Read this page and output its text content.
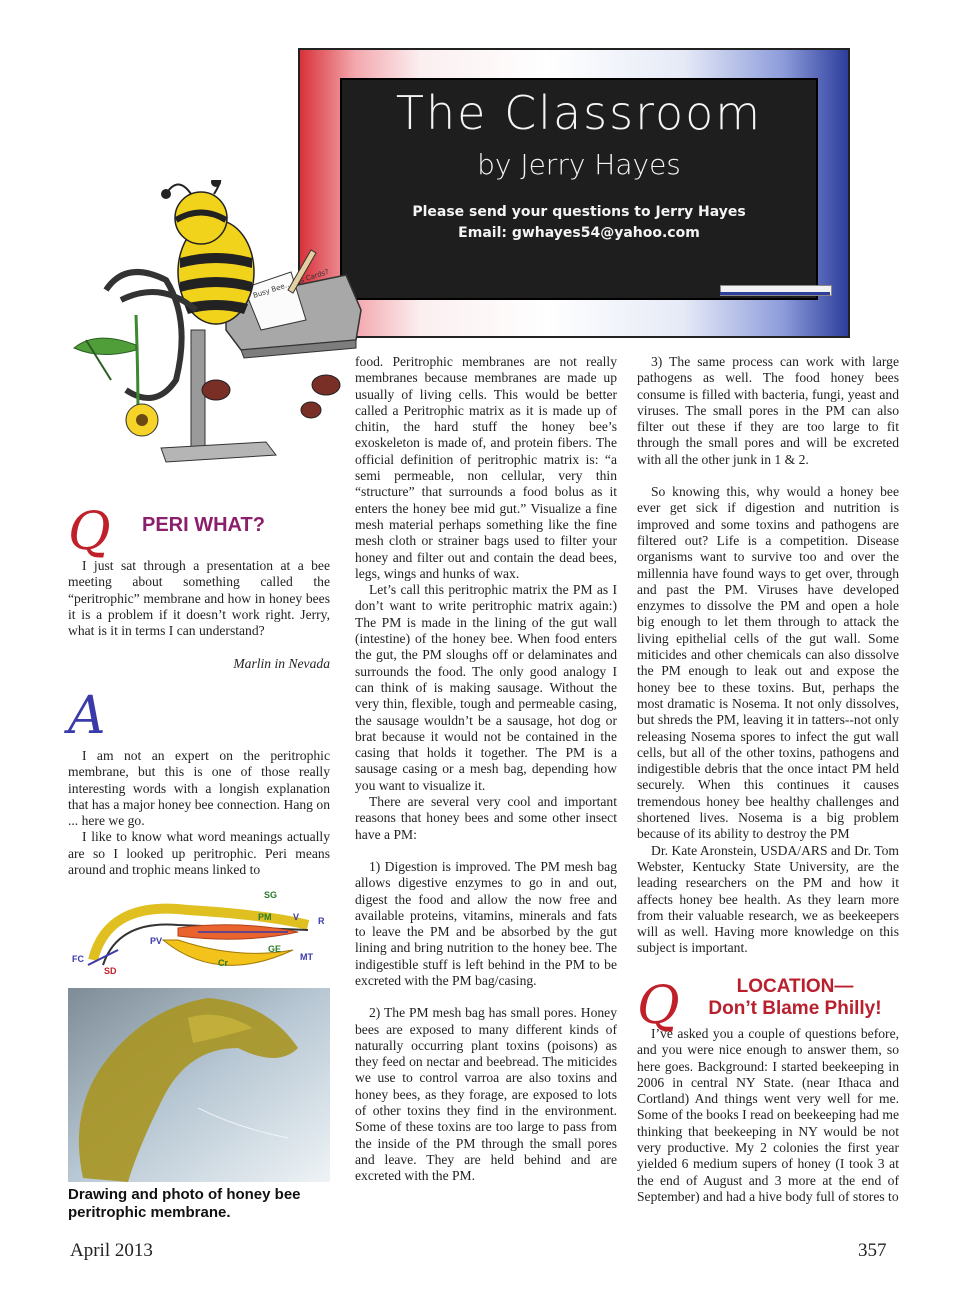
The Classroom
by Jerry Hayes
Please send your questions to Jerry Hayes
Email: gwhayes54@yahoo.com
Busy Bee… Cards?
Q PERI WHAT?

I just sat through a presentation at a bee meeting about something called the “peritrophic” membrane and how in honey bees it is a problem if it doesn’t work right. Jerry, what is it in terms I can understand?

Marlin in Nevada
A

I am not an expert on the peritrophic membrane, but this is one of those really interesting words with a longish explanation that has a major honey bee connection. Hang on ... here we go.

I like to know what word meanings actually are so I looked up peritrophic. Peri means around and trophic means linked to

SG
PM V R
FC
PV
GE
MT
SD
Cr
Drawing and photo of honey bee peritrophic membrane.

food. Peritrophic membranes are not really membranes because membranes are made up usually of living cells. This would be better called a Peritrophic matrix as it is made up of chitin, the hard stuff the honey bee’s exoskeleton is made of, and protein fibers. The official definition of peritrophic matrix is: “a semi permeable, non cellular, very thin “structure” that surrounds a food bolus as it enters the honey bee mid gut.” Visualize a fine mesh material perhaps something like the fine mesh cloth or strainer bags used to filter your honey and filter out and contain the dead bees, legs, wings and hunks of wax.

Let’s call this peritrophic matrix the PM as I don’t want to write peritrophic matrix again:) The PM is made in the lining of the gut wall (intestine) of the honey bee. When food enters the gut, the PM sloughs off or delaminates and surrounds the food. The only good analogy I can think of is making sausage. Without the very thin, flexible, tough and permeable casing, the sausage wouldn’t be a sausage, hot dog or brat because it would not be contained in the casing that holds it together. The PM is a sausage casing or a mesh bag, depending how you want to visualize it.

There are several very cool and important reasons that honey bees and some other insect have a PM:

1) Digestion is improved. The PM mesh bag allows digestive enzymes to go in and out, digest the food and allow the now free and available proteins, vitamins, minerals and fats to leave the PM and be absorbed by the gut lining and bring nutrition to the honey bee. The indigestible stuff is left behind in the PM to be excreted with the PM bag/casing.

2) The PM mesh bag has small pores. Honey bees are exposed to many different kinds of naturally occurring plant toxins (poisons) as they feed on nectar and beebread. The miticides we use to control varroa are also toxins and honey bees, as they forage, are exposed to lots of other toxins they find in the environment. Some of these toxins are too large to pass from the inside of the PM through the small pores and leave. They are held behind and are excreted with the PM.

3) The same process can work with large pathogens as well. The food honey bees consume is filled with bacteria, fungi, yeast and viruses. The small pores in the PM can also filter out these if they are too large to fit through the small pores and will be excreted with all the other junk in 1 & 2.

So knowing this, why would a honey bee ever get sick if digestion and nutrition is improved and some toxins and pathogens are filtered out? Life is a competition. Disease organisms want to survive too and over the millennia have found ways to get over, through and past the PM. Viruses have developed enzymes to dissolve the PM and open a hole big enough to let them through to attack the living epithelial cells of the gut wall. Some miticides and other chemicals can also dissolve the PM enough to leak out and expose the honey bee to these toxins. But, perhaps the most dramatic is Nosema. It not only dissolves, but shreds the PM, leaving it in tatters--not only releasing Nosema spores to infect the gut wall cells, but all of the other toxins, pathogens and indigestible debris that the once intact PM held securely. When this continues it causes tremendous honey bee healthy challenges and shortened lives. Nosema is a big problem because of its ability to destroy the PM

Dr. Kate Aronstein, USDA/ARS and Dr. Tom Webster, Kentucky State University, are the leading researchers on the PM and how it affects honey bee health. As they learn more from their valuable research, we as beekeepers will as well. Having more knowledge on this subject is important.

Q	LOCATION—
Don’t Blame Philly!

I’ve asked you a couple of questions before, and you were nice enough to answer them, so here goes. Background: I started beekeeping in 2006 in central NY State. (near Ithaca and Cortland) And things went very well for me. Some of the books I read on beekeeping had me thinking that beekeeping in NY would be not very productive. My 2 colonies the first year yielded 6 medium supers of honey (I took 3 at the end of August and 3 more at the end of September) and had a hive body full of stores to

April 2013	357
